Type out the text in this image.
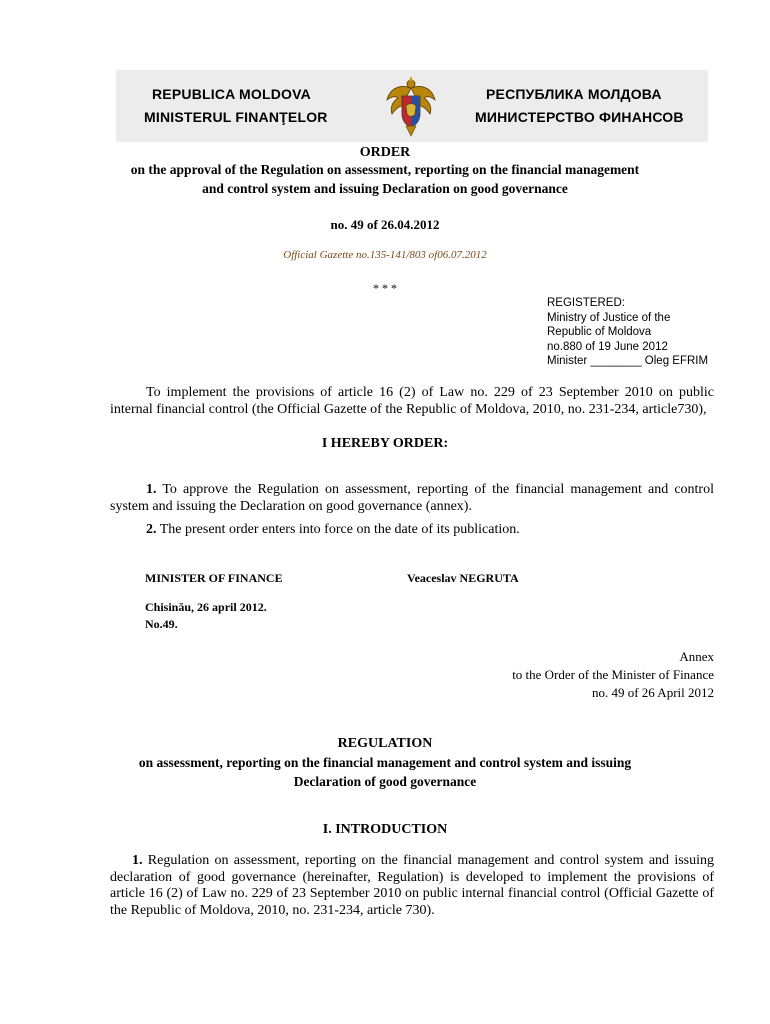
REPUBLICA MOLDOVA
MINISTERUL FINANŢELOR
РЕСПУБЛИКА МОЛДОВА
МИНИСТЕРСТВО ФИНАНСОВ
ORDER
on the approval of the Regulation on assessment, reporting on the financial management
and control system and issuing Declaration on good governance
no. 49 of 26.04.2012
Official Gazette no.135-141/803 of06.07.2012
* * *
REGISTERED:
Ministry of Justice of the
Republic of Moldova
no.880 of 19 June 2012
Minister ________ Oleg EFRIM
To implement the provisions of article 16 (2) of Law no. 229 of 23 September 2010 on public internal financial control (the Official Gazette of the Republic of Moldova, 2010, no. 231-234, article730),
I HEREBY ORDER:
1. To approve the Regulation on assessment, reporting of the financial management and control system and issuing the Declaration on good governance (annex).
2. The present order enters into force on the date of its publication.
MINISTER OF FINANCE	Veaceslav NEGRUTA
Chisinău, 26 april 2012.
No.49.
Annex
to the Order of the Minister of Finance
no. 49 of 26 April 2012
REGULATION
on assessment, reporting on the financial management and control system and issuing
Declaration of good governance
I. INTRODUCTION
1. Regulation on assessment, reporting on the financial management and control system and issuing declaration of good governance (hereinafter, Regulation) is developed to implement the provisions of article 16 (2) of Law no. 229 of 23 September 2010 on public internal financial control (Official Gazette of the Republic of Moldova, 2010, no. 231-234, article 730).
